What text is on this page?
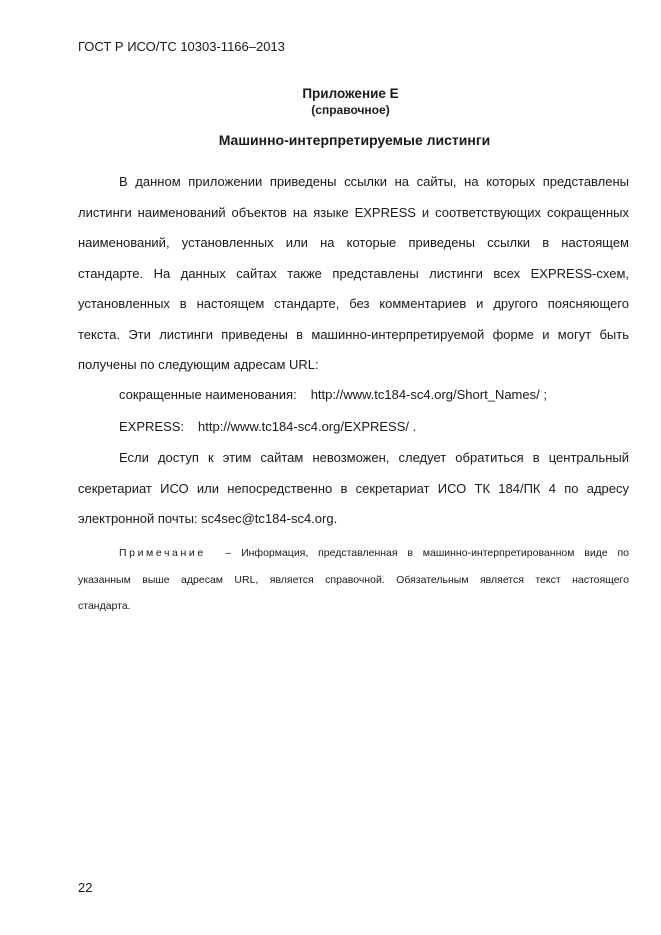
ГОСТ Р ИСО/ТС 10303-1166–2013
Приложение Е
(справочное)
Машинно-интерпретируемые листинги
В данном приложении приведены ссылки на сайты, на которых представлены
листинги наименований объектов на языке EXPRESS и соответствующих сокращенных
наименований, установленных или на которые приведены ссылки в настоящем
стандарте. На данных сайтах также представлены листинги всех EXPRESS-схем,
установленных в настоящем стандарте, без комментариев и другого поясняющего
текста. Эти листинги приведены в машинно-интерпретируемой форме и могут быть
получены по следующим адресам URL:
сокращенные наименования: http://www.tc184-sc4.org/Short_Names/ ;
EXPRESS: http://www.tc184-sc4.org/EXPRESS/ .
Если доступ к этим сайтам невозможен, следует обратиться в центральный
секретариат ИСО или непосредственно в секретариат ИСО ТК 184/ПК 4 по адресу
электронной почты: sc4sec@tc184-sc4.org.
Примечание – Информация, представленная в машинно-интерпретированном виде по
указанным выше адресам URL, является справочной. Обязательным является текст настоящего
стандарта.
22
